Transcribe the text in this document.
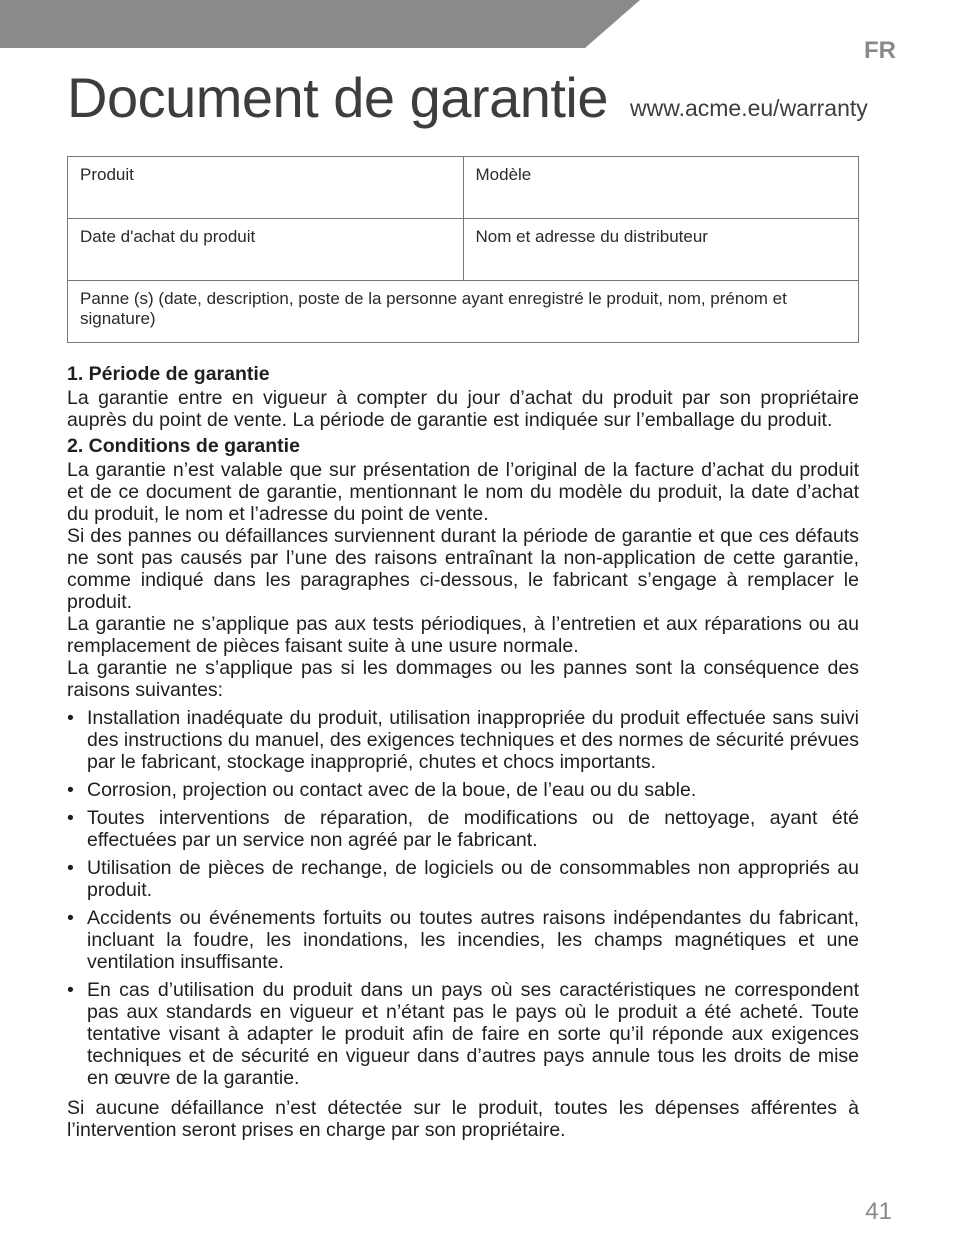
FR
Document de garantie www.acme.eu/warranty
Produit	Modèle
Date d'achat du produit	Nom et adresse du distributeur
Panne (s) (date, description, poste de la personne ayant enregistré le produit, nom, prénom et signature)	
1. Période de garantie

La garantie entre en vigueur à compter du jour d’achat du produit par son propriétaire auprès du point de vente. La période de garantie est indiquée sur l’emballage du produit.

2. Conditions de garantie

La garantie n’est valable que sur présentation de l’original de la facture d’achat du produit et de ce document de garantie, mentionnant le nom du modèle du produit, la date d’achat du produit, le nom et l’adresse du point de vente.

Si des pannes ou défaillances surviennent durant la période de garantie et que ces défauts ne sont pas causés par l’une des raisons entraînant la non-application de cette garantie, comme indiqué dans les paragraphes ci-dessous, le fabricant s’engage à remplacer le produit.

La garantie ne s’applique pas aux tests périodiques, à l’entretien et aux réparations ou au remplacement de pièces faisant suite à une usure normale.

La garantie ne s’applique pas si les dommages ou les pannes sont la conséquence des raisons suivantes:

• Installation inadéquate du produit, utilisation inappropriée du produit effectuée sans suivi des instructions du manuel, des exigences techniques et des normes de sécurité prévues par le fabricant, stockage inapproprié, chutes et chocs importants.
• Corrosion, projection ou contact avec de la boue, de l’eau ou du sable.
• Toutes interventions de réparation, de modifications ou de nettoyage, ayant été effectuées par un service non agréé par le fabricant.
• Utilisation de pièces de rechange, de logiciels ou de consommables non appropriés au produit.
• Accidents ou événements fortuits ou toutes autres raisons indépendantes du fabricant, incluant la foudre, les inondations, les incendies, les champs magnétiques et une ventilation insuffisante.
• En cas d’utilisation du produit dans un pays où ses caractéristiques ne correspondent pas aux standards en vigueur et n’étant pas le pays où le produit a été acheté. Toute tentative visant à adapter le produit afin de faire en sorte qu’il réponde aux exigences techniques et de sécurité en vigueur dans d’autres pays annule tous les droits de mise en œuvre de la garantie.

Si aucune défaillance n’est détectée sur le produit, toutes les dépenses afférentes à l’intervention seront prises en charge par son propriétaire.

41
